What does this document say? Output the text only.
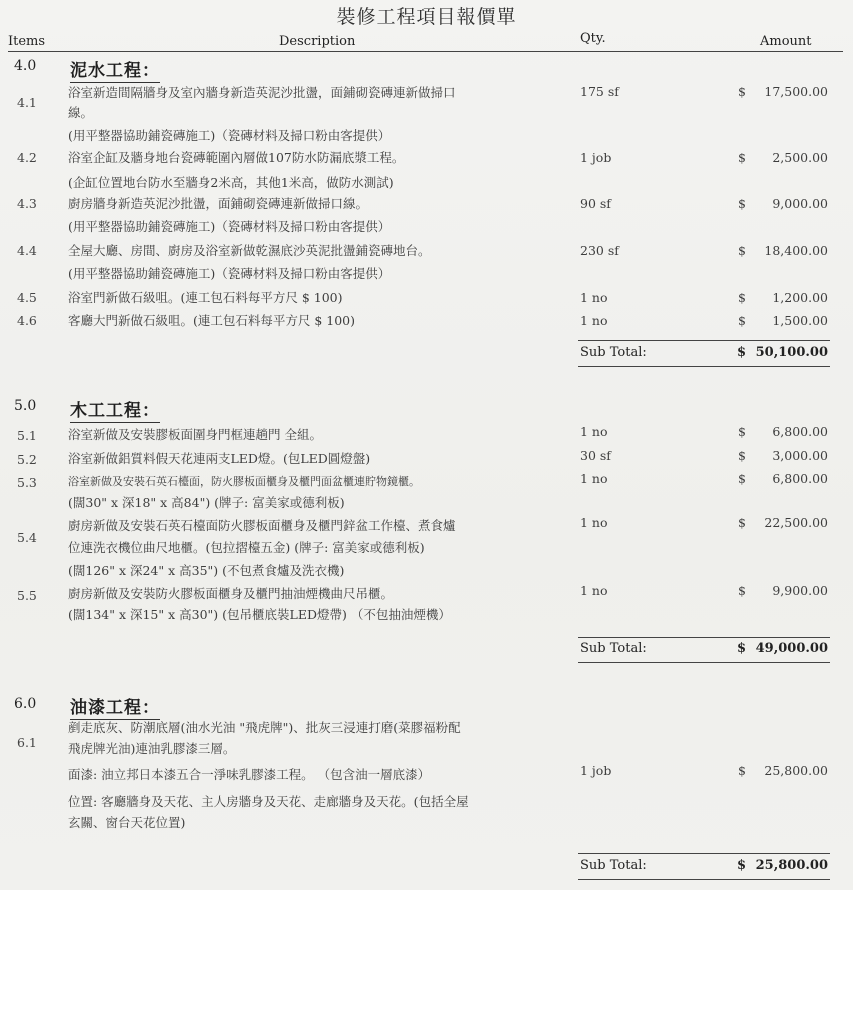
裝修工程項目報價單
Items	Description	Qty.	Amount
4.0 泥水工程：
4.1
浴室新造間隔牆身及室內牆身新造英泥沙批盪，面鋪砌瓷磚連新做掃口
線。
(用平整器協助鋪瓷磚施工)（瓷磚材料及掃口粉由客提供）
175 sf	$	17,500.00
4.2 浴室企缸及牆身地台瓷磚範圍內層做107防水防漏底漿工程。
(企缸位置地台防水至牆身2米高，其他1米高，做防水測試)
1 job	$	2,500.00
4.3 廚房牆身新造英泥沙批盪，面鋪砌瓷磚連新做掃口線。
(用平整器協助鋪瓷磚施工)（瓷磚材料及掃口粉由客提供）
90 sf	$	9,000.00
4.4 全屋大廳、房間、廚房及浴室新做乾濕底沙英泥批盪鋪瓷磚地台。
(用平整器協助鋪瓷磚施工)（瓷磚材料及掃口粉由客提供）
230 sf	$	18,400.00
4.5 浴室門新做石級咀。(連工包石料每平方尺 $ 100)	1 no	$	1,200.00
4.6 客廳大門新做石級咀。(連工包石料每平方尺 $ 100)	1 no	$	1,500.00
Sub Total:	$ 50,100.00
5.0 木工工程：
5.1 浴室新做及安裝膠板面圍身門框連趟門 全組。	1 no	$	6,800.00
5.2 浴室新做鋁質料假天花連兩支LED燈。(包LED圓燈盤)	30 sf	$	3,000.00
5.3	浴室新做及安裝石英石檯面，防火膠板面櫃身及櫃門面盆櫃連貯物鏡櫃。
(闊30" x 深18" x 高84") (牌子: 富美家或德利板)
1 no	$	6,800.00
5.4
廚房新做及安裝石英石檯面防火膠板面櫃身及櫃門鋅盆工作檯、煮食爐
位連洗衣機位曲尺地櫃。(包拉摺檯五金) (牌子: 富美家或德利板)
(闊126" x 深24" x 高35") (不包煮食爐及洗衣機)
1 no	$	22,500.00
5.5 廚房新做及安裝防火膠板面櫃身及櫃門抽油煙機曲尺吊櫃。
(闊134" x 深15" x 高30") (包吊櫃底裝LED燈帶) （不包抽油煙機）
1 no	$	9,900.00
Sub Total:	$ 49,000.00
6.0 油漆工程：
6.1
剷走底灰、防潮底層(油水光油 "飛虎牌")、批灰三浸連打磨(菜膠福粉配
飛虎牌光油)連油乳膠漆三層。
面漆: 油立邦日本漆五合一淨味乳膠漆工程。 （包含油一層底漆）
位置: 客廳牆身及天花、主人房牆身及天花、走廊牆身及天花。(包括全屋
玄關、窗台天花位置)
1 job	$	25,800.00
Sub Total:	$ 25,800.00
